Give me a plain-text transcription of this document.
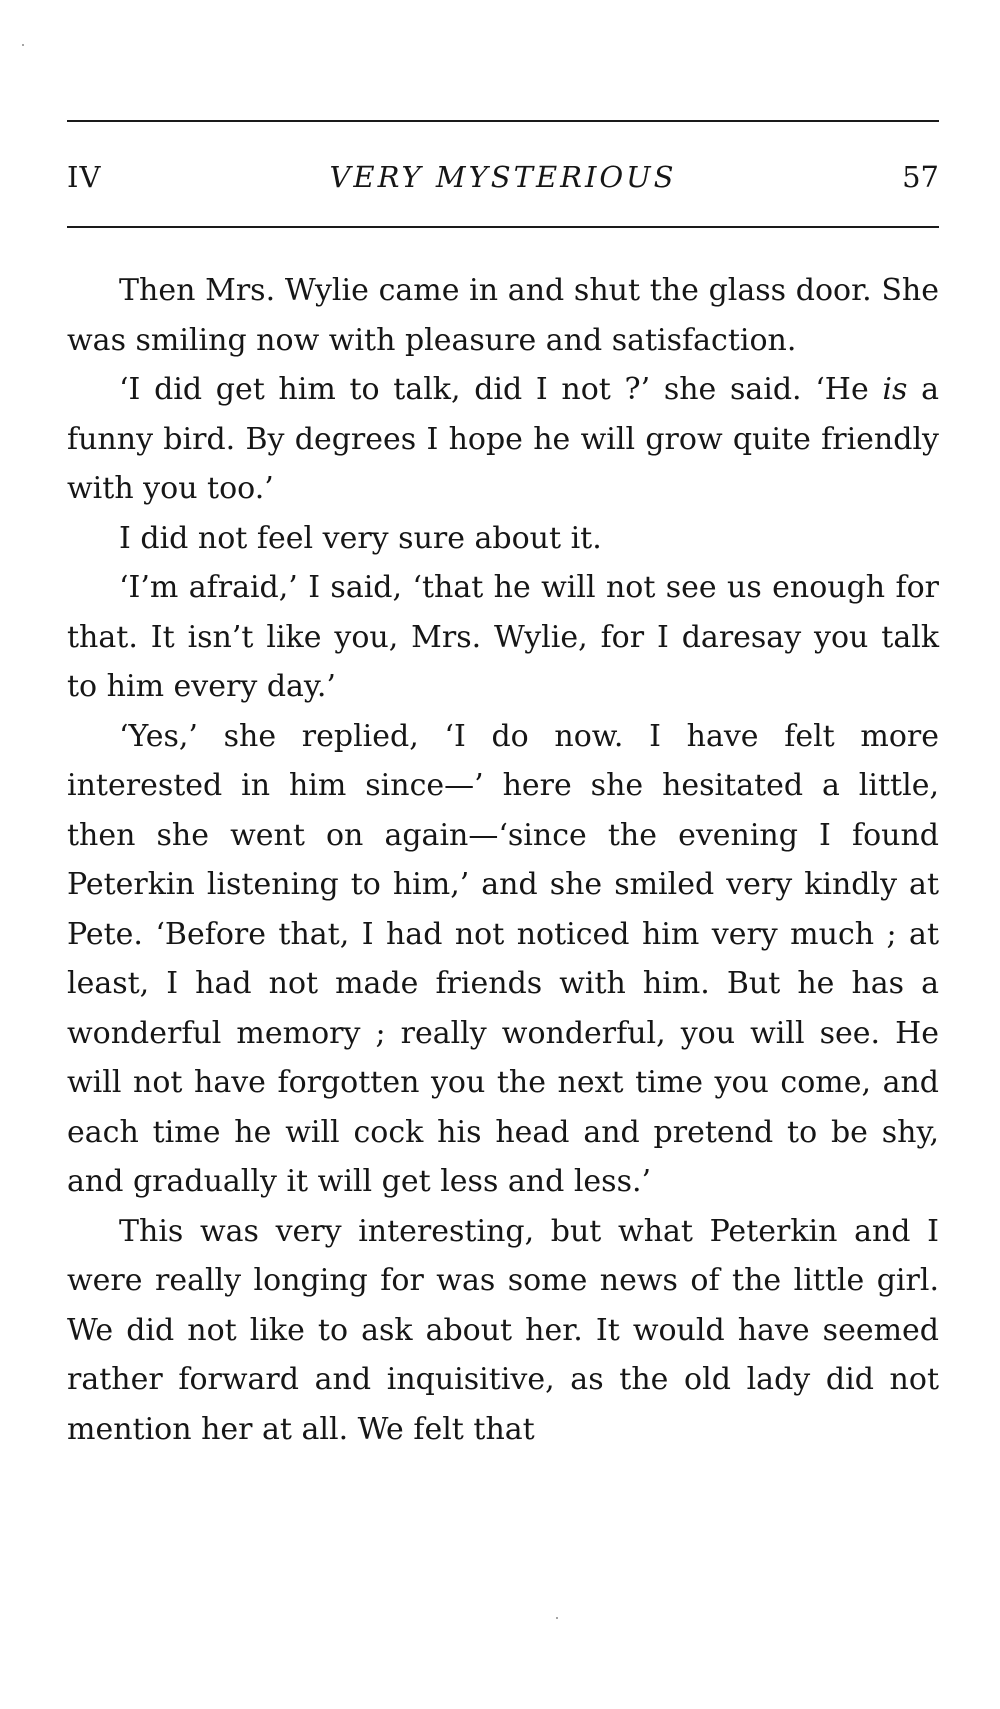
IV	VERY MYSTERIOUS	57

Then Mrs. Wylie came in and shut the glass door. She was smiling now with pleasure and satisfaction.

‘I did get him to talk, did I not ?’ she said. ‘He is a funny bird. By degrees I hope he will grow quite friendly with you too.’

I did not feel very sure about it.

‘I’m afraid,’ I said, ‘that he will not see us enough for that. It isn’t like you, Mrs. Wylie, for I daresay you talk to him every day.’

‘Yes,’ she replied, ‘I do now. I have felt more interested in him since—’ here she hesitated a little, then she went on again—‘since the evening I found Peterkin listening to him,’ and she smiled very kindly at Pete. ‘Before that, I had not noticed him very much ; at least, I had not made friends with him. But he has a wonderful memory ; really wonderful, you will see. He will not have forgotten you the next time you come, and each time he will cock his head and pretend to be shy, and gradually it will get less and less.’

This was very interesting, but what Peterkin and I were really longing for was some news of the little girl. We did not like to ask about her. It would have seemed rather forward and inquisitive, as the old lady did not mention her at all. We felt that
